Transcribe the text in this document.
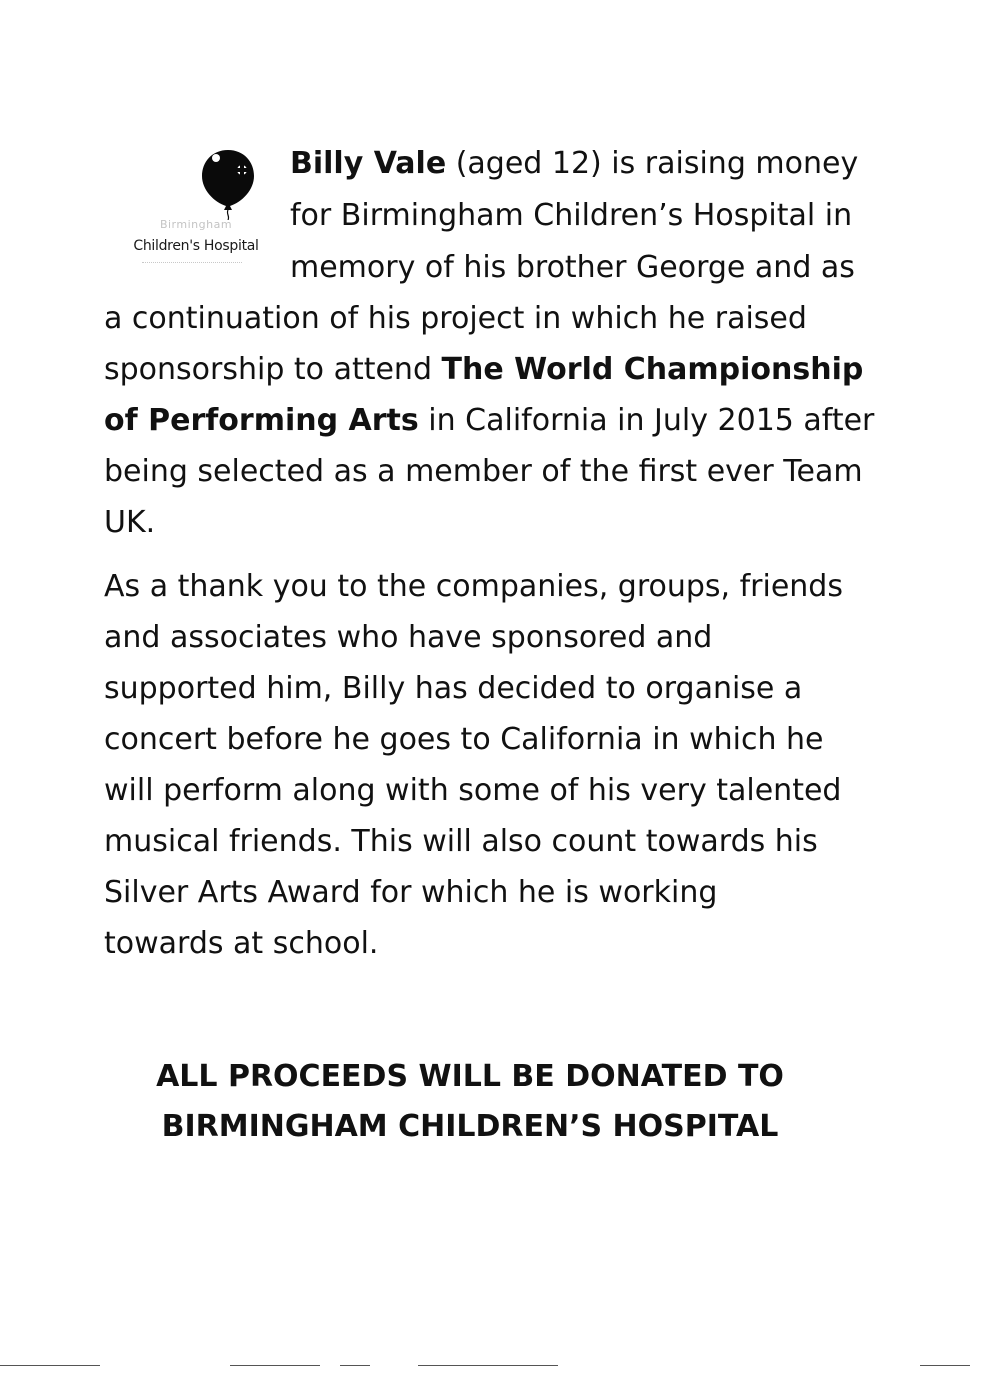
Birmingham
Children's Hospital
Billy Vale (aged 12) is raising money
for Birmingham Children’s Hospital in
memory of his brother George and as

a continuation of his project in which he raised sponsorship to attend The World Championship of Performing Arts in California in July 2015 after being selected as a member of the first ever Team UK.

As a thank you to the companies, groups, friends and associates who have sponsored and supported him, Billy has decided to organise a concert before he goes to California in which he will perform along with some of his very talented musical friends. This will also count towards his Silver Arts Award for which he is working towards at school.

ALL PROCEEDS WILL BE DONATED TO
BIRMINGHAM CHILDREN’S HOSPITAL
